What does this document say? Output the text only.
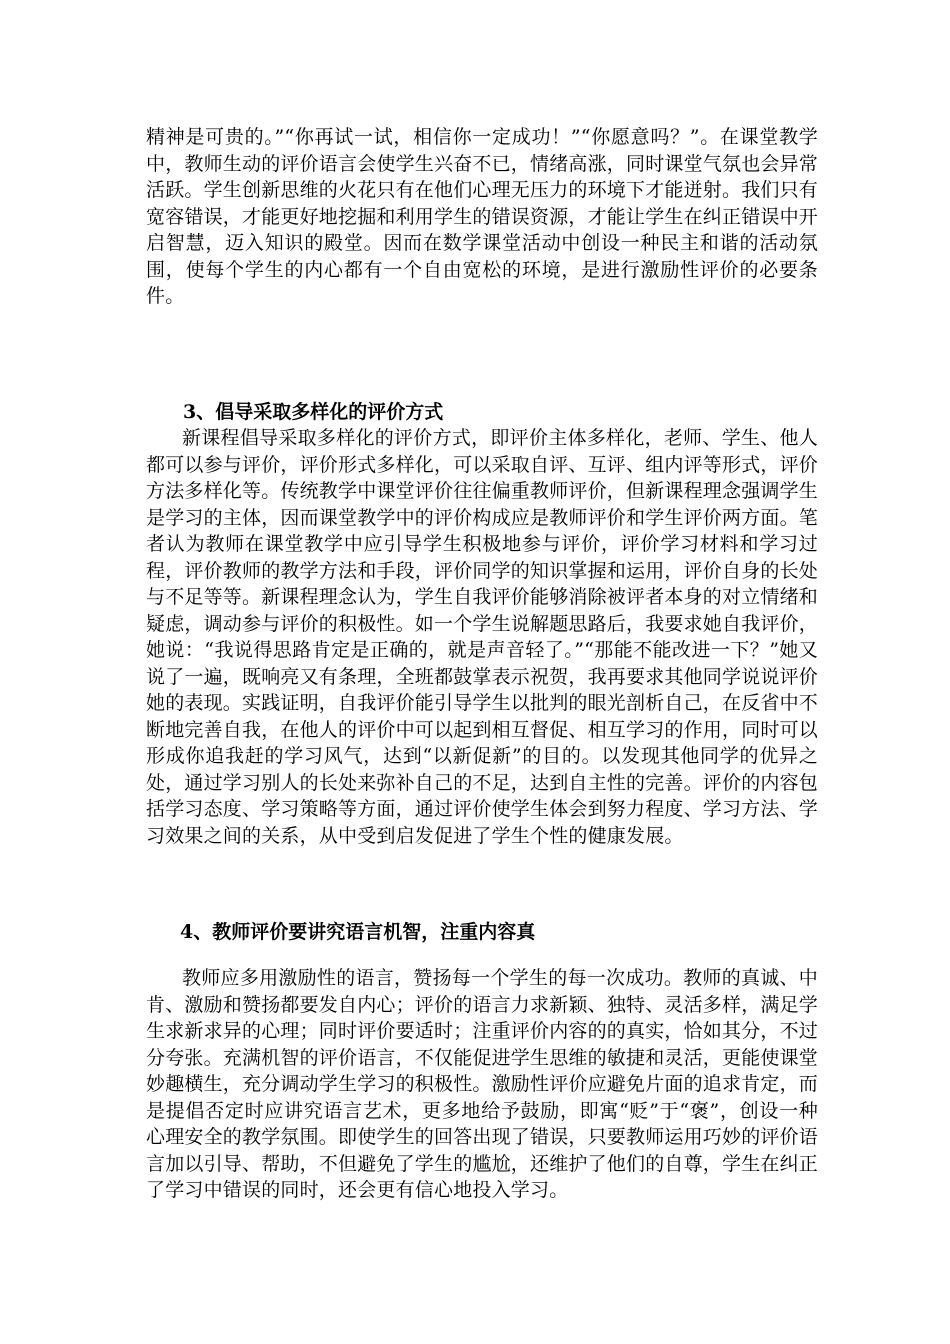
精神是可贵的。”“你再试一试，相信你一定成功！”“你愿意吗？”。在课堂教学中，教师生动的评价语言会使学生兴奋不已，情绪高涨，同时课堂气氛也会异常活跃。学生创新思维的火花只有在他们心理无压力的环境下才能迸射。我们只有宽容错误，才能更好地挖掘和利用学生的错误资源，才能让学生在纠正错误中开启智慧，迈入知识的殿堂。因而在数学课堂活动中创设一种民主和谐的活动氛围，使每个学生的内心都有一个自由宽松的环境，是进行激励性评价的必要条件。

3、倡导采取多样化的评价方式

新课程倡导采取多样化的评价方式，即评价主体多样化，老师、学生、他人都可以参与评价，评价形式多样化，可以采取自评、互评、组内评等形式，评价方法多样化等。传统教学中课堂评价往往偏重教师评价，但新课程理念强调学生是学习的主体，因而课堂教学中的评价构成应是教师评价和学生评价两方面。笔者认为教师在课堂教学中应引导学生积极地参与评价，评价学习材料和学习过程，评价教师的教学方法和手段，评价同学的知识掌握和运用，评价自身的长处与不足等等。新课程理念认为，学生自我评价能够消除被评者本身的对立情绪和疑虑，调动参与评价的积极性。如一个学生说解题思路后，我要求她自我评价，她说：“我说得思路肯定是正确的，就是声音轻了。”“那能不能改进一下？”她又说了一遍，既响亮又有条理，全班都鼓掌表示祝贺，我再要求其他同学说说评价她的表现。实践证明，自我评价能引导学生以批判的眼光剖析自己，在反省中不断地完善自我，在他人的评价中可以起到相互督促、相互学习的作用，同时可以形成你追我赶的学习风气，达到“以新促新”的目的。以发现其他同学的优异之处，通过学习别人的长处来弥补自己的不足，达到自主性的完善。评价的内容包括学习态度、学习策略等方面，通过评价使学生体会到努力程度、学习方法、学习效果之间的关系，从中受到启发促进了学生个性的健康发展。

4、教师评价要讲究语言机智，注重内容真

教师应多用激励性的语言，赞扬每一个学生的每一次成功。教师的真诚、中肯、激励和赞扬都要发自内心；评价的语言力求新颖、独特、灵活多样，满足学生求新求异的心理；同时评价要适时；注重评价内容的的真实，恰如其分，不过分夸张。充满机智的评价语言，不仅能促进学生思维的敏捷和灵活，更能使课堂妙趣横生，充分调动学生学习的积极性。激励性评价应避免片面的追求肯定，而是提倡否定时应讲究语言艺术，更多地给予鼓励，即寓“贬”于“褒”，创设一种心理安全的教学氛围。即使学生的回答出现了错误，只要教师运用巧妙的评价语言加以引导、帮助，不但避免了学生的尴尬，还维护了他们的自尊，学生在纠正了学习中错误的同时，还会更有信心地投入学习。
